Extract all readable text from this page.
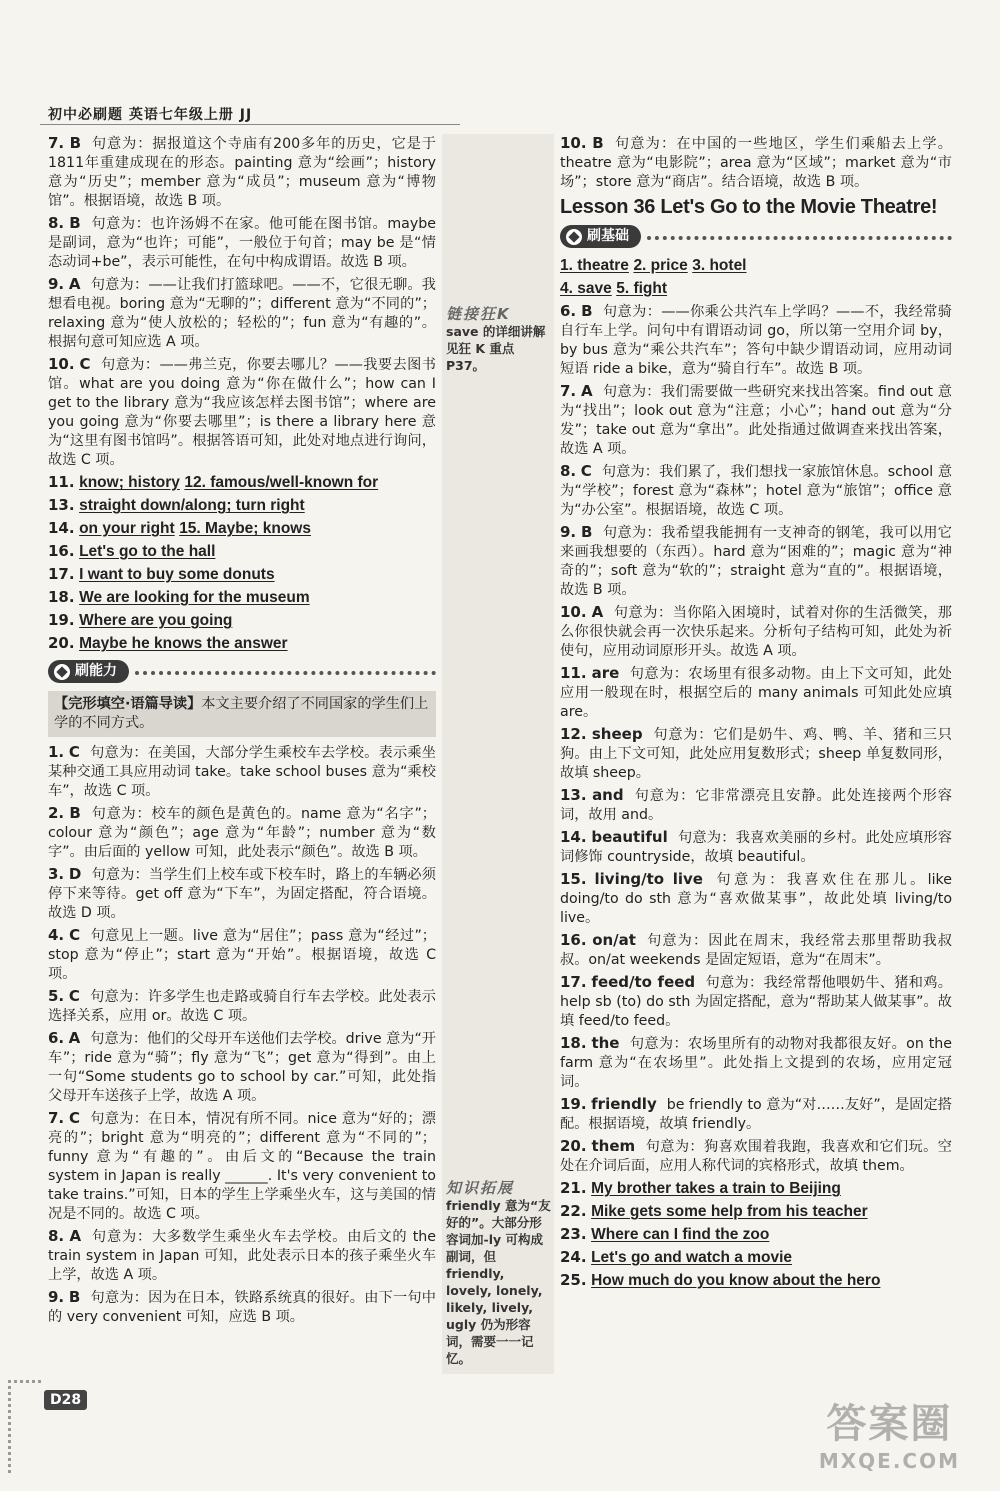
初中必刷题 英语七年级上册 JJ
7. B 句意为：据报道这个寺庙有200多年的历史，它是于1811年重建成现在的形态。painting 意为“绘画”；history 意为“历史”；member 意为“成员”；museum 意为“博物馆”。根据语境，故选 B 项。
8. B 句意为：也许汤姆不在家。他可能在图书馆。maybe 是副词，意为“也许；可能”，一般位于句首；may be 是“情态动词+be”，表示可能性，在句中构成谓语。故选 B 项。
9. A 句意为：——让我们打篮球吧。——不，它很无聊。我想看电视。boring 意为“无聊的”；different 意为“不同的”；relaxing 意为“使人放松的；轻松的”；fun 意为“有趣的”。根据句意可知应选 A 项。
10. C 句意为：——弗兰克，你要去哪儿？——我要去图书馆。what are you doing 意为“你在做什么”；how can I get to the library 意为“我应该怎样去图书馆”；where are you going 意为“你要去哪里”；is there a library here 意为“这里有图书馆吗”。根据答语可知，此处对地点进行询问，故选 C 项。
11. know; history 12. famous/well-known for
13. straight down/along; turn right
14. on your right 15. Maybe; knows
16. Let's go to the hall
17. I want to buy some donuts
18. We are looking for the museum
19. Where are you going
20. Maybe he knows the answer
刷能力
【完形填空·语篇导读】本文主要介绍了不同国家的学生们上学的不同方式。
1. C 句意为：在美国，大部分学生乘校车去学校。表示乘坐某种交通工具应用动词 take。take school buses 意为“乘校车”，故选 C 项。
2. B 句意为：校车的颜色是黄色的。name 意为“名字”；colour 意为“颜色”；age 意为“年龄”；number 意为“数字”。由后面的 yellow 可知，此处表示“颜色”。故选 B 项。
3. D 句意为：当学生们上校车或下校车时，路上的车辆必须停下来等待。get off 意为“下车”，为固定搭配，符合语境。故选 D 项。
4. C 句意见上一题。live 意为“居住”；pass 意为“经过”；stop 意为“停止”；start 意为“开始”。根据语境，故选 C 项。
5. C 句意为：许多学生也走路或骑自行车去学校。此处表示选择关系，应用 or。故选 C 项。
6. A 句意为：他们的父母开车送他们去学校。drive 意为“开车”；ride 意为“骑”；fly 意为“飞”；get 意为“得到”。由上一句“Some students go to school by car.”可知，此处指父母开车送孩子上学，故选 A 项。
7. C 句意为：在日本，情况有所不同。nice 意为“好的；漂亮的”；bright 意为“明亮的”；different 意为“不同的”；funny 意为“有趣的”。由后文的“Because the train system in Japan is really ______. It's very convenient to take trains.”可知，日本的学生上学乘坐火车，这与美国的情况是不同的。故选 C 项。
8. A 句意为：大多数学生乘坐火车去学校。由后文的 the train system in Japan 可知，此处表示日本的孩子乘坐火车上学，故选 A 项。
9. B 句意为：因为在日本，铁路系统真的很好。由下一句中的 very convenient 可知，应选 B 项。
链接狂K
save 的详细讲解见狂 K 重点 P37。
知识拓展
friendly 意为“友好的”。大部分形容词加-ly 可构成副词，但 friendly, lovely, lonely, likely, lively, ugly 仍为形容词，需要一一记忆。
10. B 句意为：在中国的一些地区，学生们乘船去上学。theatre 意为“电影院”；area 意为“区域”；market 意为“市场”；store 意为“商店”。结合语境，故选 B 项。
Lesson 36 Let's Go to the Movie Theatre!
刷基础
1. theatre 2. price 3. hotel
4. save 5. fight
6. B 句意为：——你乘公共汽车上学吗？——不，我经常骑自行车上学。问句中有谓语动词 go，所以第一空用介词 by，by bus 意为“乘公共汽车”；答句中缺少谓语动词，应用动词短语 ride a bike，意为“骑自行车”。故选 B 项。
7. A 句意为：我们需要做一些研究来找出答案。find out 意为“找出”；look out 意为“注意；小心”；hand out 意为“分发”；take out 意为“拿出”。此处指通过做调查来找出答案，故选 A 项。
8. C 句意为：我们累了，我们想找一家旅馆休息。school 意为“学校”；forest 意为“森林”；hotel 意为“旅馆”；office 意为“办公室”。根据语境，故选 C 项。
9. B 句意为：我希望我能拥有一支神奇的钢笔，我可以用它来画我想要的（东西）。hard 意为“困难的”；magic 意为“神奇的”；soft 意为“软的”；straight 意为“直的”。根据语境，故选 B 项。
10. A 句意为：当你陷入困境时，试着对你的生活微笑，那么你很快就会再一次快乐起来。分析句子结构可知，此处为祈使句，应用动词原形开头。故选 A 项。
11. are 句意为：农场里有很多动物。由上下文可知，此处应用一般现在时，根据空后的 many animals 可知此处应填 are。
12. sheep 句意为：它们是奶牛、鸡、鸭、羊、猪和三只狗。由上下文可知，此处应用复数形式；sheep 单复数同形，故填 sheep。
13. and 句意为：它非常漂亮且安静。此处连接两个形容词，故用 and。
14. beautiful 句意为：我喜欢美丽的乡村。此处应填形容词修饰 countryside，故填 beautiful。
15. living/to live 句意为：我喜欢住在那儿。like doing/to do sth 意为“喜欢做某事”，故此处填 living/to live。
16. on/at 句意为：因此在周末，我经常去那里帮助我叔叔。on/at weekends 是固定短语，意为“在周末”。
17. feed/to feed 句意为：我经常帮他喂奶牛、猪和鸡。help sb (to) do sth 为固定搭配，意为“帮助某人做某事”。故填 feed/to feed。
18. the 句意为：农场里所有的动物对我都很友好。on the farm 意为“在农场里”。此处指上文提到的农场，应用定冠词。
19. friendly be friendly to 意为“对……友好”，是固定搭配。根据语境，故填 friendly。
20. them 句意为：狗喜欢围着我跑，我喜欢和它们玩。空处在介词后面，应用人称代词的宾格形式，故填 them。
21. My brother takes a train to Beijing
22. Mike gets some help from his teacher
23. Where can I find the zoo
24. Let's go and watch a movie
25. How much do you know about the hero
D28
答案圈
MXQE.COM
